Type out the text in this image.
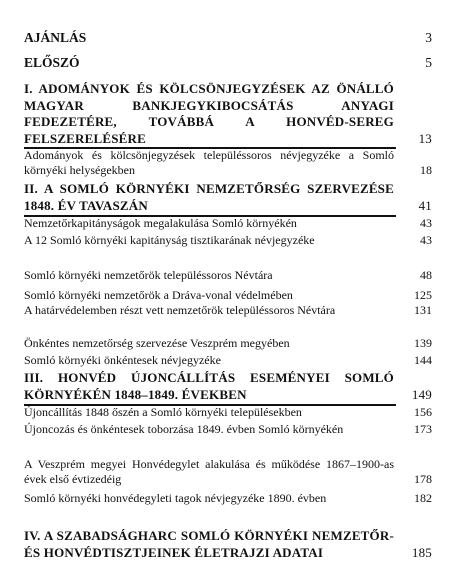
AJÁNLÁS	3
ELŐSZÓ	5
I. ADOMÁNYOK ÉS KÖLCSÖNJEGYZÉSEK AZ ÖNÁLLÓ MAGYAR BANKJEGYKIBOCSÁTÁS ANYAGI FEDEZETÉRE, TOVÁBBÁ A HONVÉD-SEREG FELSZERELÉSÉRE	13
Adományok és kölcsönjegyzések településsoros névjegyzéke a Somló környéki helységekben	18
II. A SOMLÓ KÖRNYÉKI NEMZETŐRSÉG SZERVEZÉSE 1848. ÉV TAVASZÁN	41
Nemzetőrkapitányságok megalakulása Somló környékén	43
A 12 Somló környéki kapitányság tisztikarának névjegyzéke	43
Somló környéki nemzetőrök településsoros Névtára	48
Somló környéki nemzetőrök a Dráva-vonal védelmében	125
A határvédelemben részt vett nemzetőrök településsoros Névtára	131
Önkéntes nemzetőrség szervezése Veszprém megyében	139
Somló környéki önkéntesek névjegyzéke	144
III. HONVÉD ÚJONCÁLLÍTÁS ESEMÉNYEI SOMLÓ KÖRNYÉKÉN 1848–1849. ÉVEKBEN	149
Újoncállítás 1848 őszén a Somló környéki településekben	156
Újoncozás és önkéntesek toborzása 1849. évben Somló környékén	173
A Veszprém megyei Honvédegylet alakulása és működése 1867–1900-as évek első évtizedéig	178
Somló környéki honvédegyleti tagok névjegyzéke 1890. évben	182
IV. A SZABADSÁGHARC SOMLÓ KÖRNYÉKI NEMZETŐR- ÉS HONVÉDTISZTJEINEK ÉLETRAJZI ADATAI	185
